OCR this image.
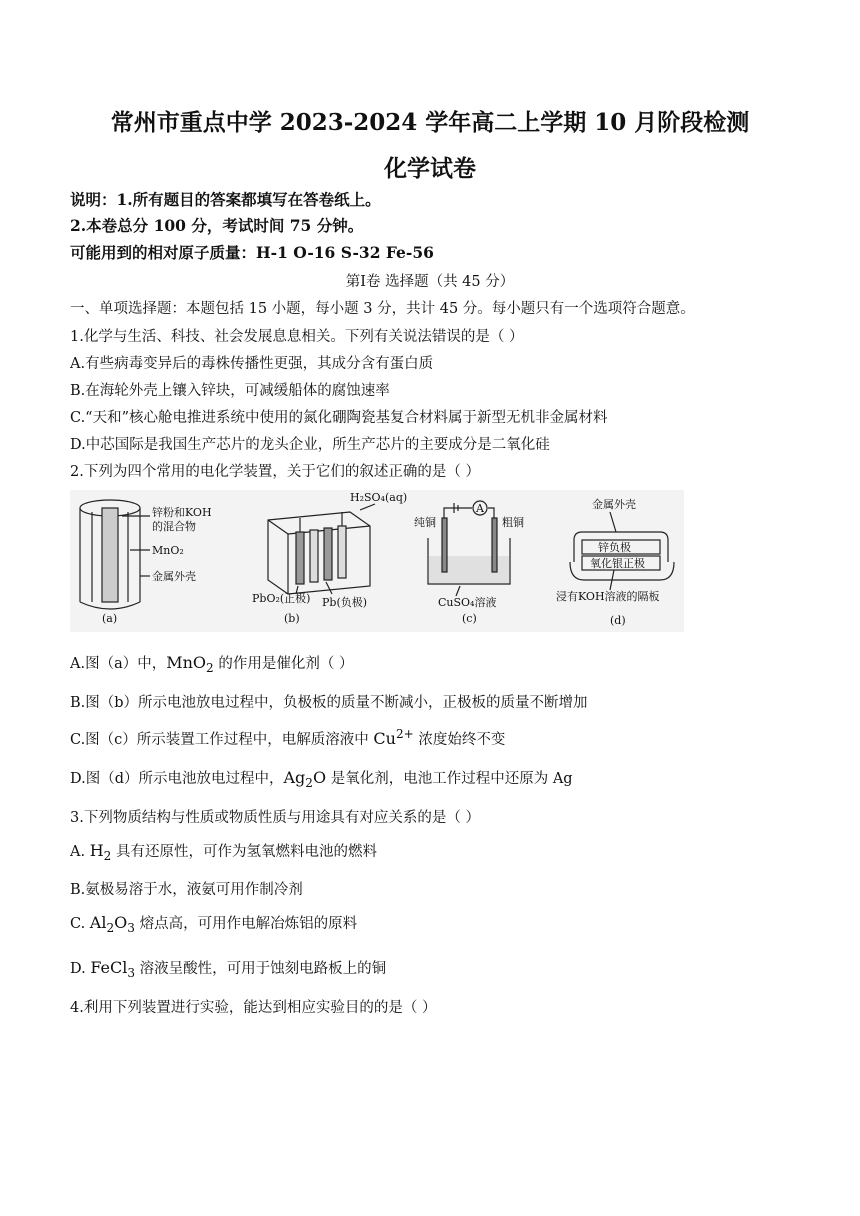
常州市重点中学 2023-2024 学年高二上学期 10 月阶段检测
化学试卷
说明：1.所有题目的答案都填写在答卷纸上。
2.本卷总分 100 分，考试时间 75 分钟。
可能用到的相对原子质量：H-1 O-16 S-32 Fe-56
第Ⅰ卷 选择题（共 45 分）
一、单项选择题：本题包括 15 小题，每小题 3 分，共计 45 分。每小题只有一个选项符合题意。
1.化学与生活、科技、社会发展息息相关。下列有关说法错误的是（ ）
A.有些病毒变异后的毒株传播性更强，其成分含有蛋白质
B.在海轮外壳上镶入锌块，可减缓船体的腐蚀速率
C.“天和”核心舱电推进系统中使用的氮化硼陶瓷基复合材料属于新型无机非金属材料
D.中芯国际是我国生产芯片的龙头企业，所生产芯片的主要成分是二氧化硅
2.下列为四个常用的电化学装置，关于它们的叙述正确的是（ ）
锌粉和KOH
的混合物
MnO₂
金属外壳
(a)
H₂SO₄(aq)
PbO₂(正极) Pb(负极)
(b)
A
纯铜	粗铜
CuSO₄溶液
(c)
金属外壳
锌负极
氧化银正极
浸有KOH溶液的隔板
(d)
A.图（a）中，MnO$_2$ 的作用是催化剂（ ）
B.图（b）所示电池放电过程中，负极板的质量不断减小，正极板的质量不断增加
C.图（c）所示装置工作过程中，电解质溶液中 $Cu^{2+}$ 浓度始终不变
D.图（d）所示电池放电过程中，$Ag_2O$ 是氧化剂，电池工作过程中还原为 Ag
3.下列物质结构与性质或物质性质与用途具有对应关系的是（ ）
A. $H_2$ 具有还原性，可作为氢氧燃料电池的燃料
B.氨极易溶于水，液氨可用作制冷剂
C. $Al_2O_3$ 熔点高，可用作电解冶炼铝的原料
D. FeCl$_3$ 溶液呈酸性，可用于蚀刻电路板上的铜
4.利用下列装置进行实验，能达到相应实验目的的是（ ）
